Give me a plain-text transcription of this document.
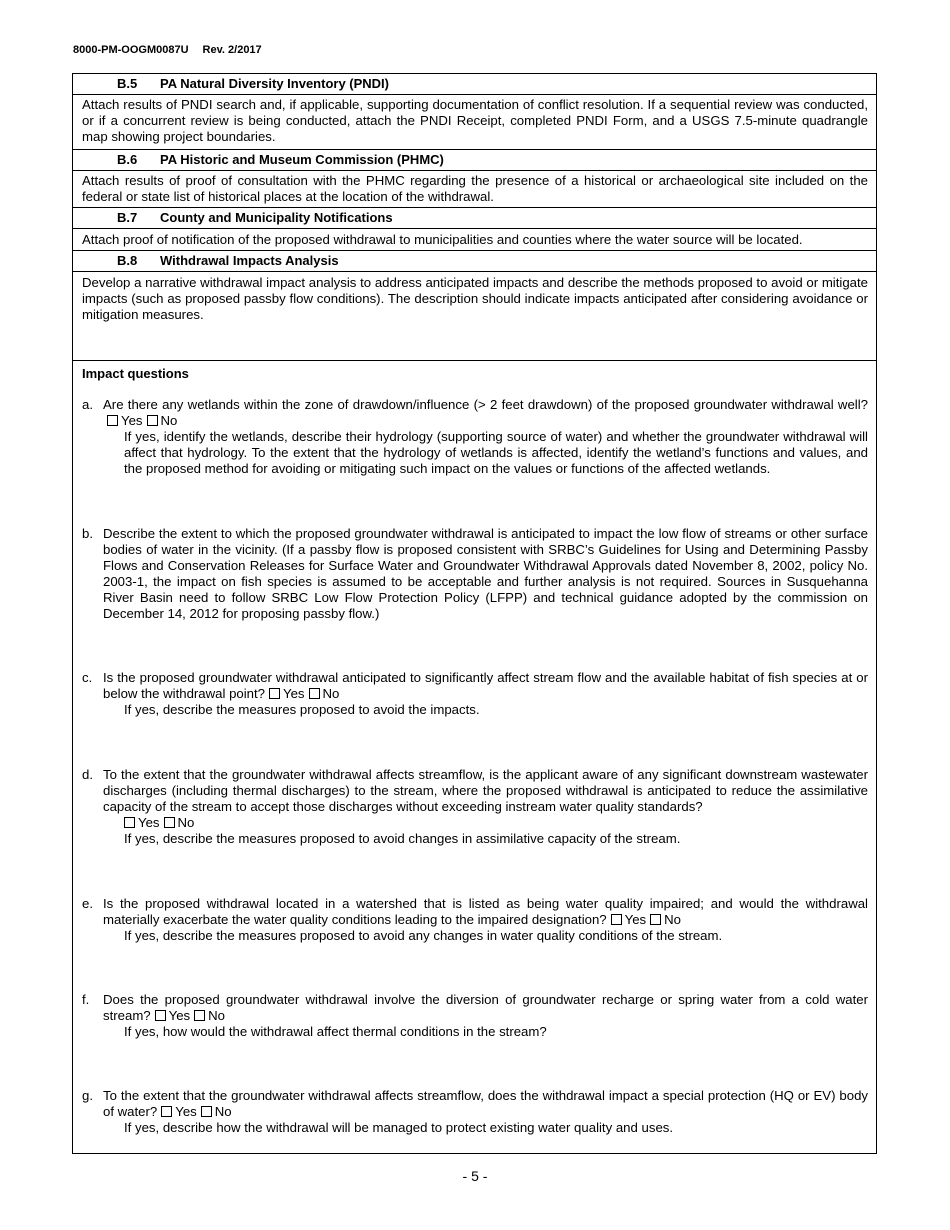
8000-PM-OOGM0087U Rev. 2/2017
B.5 PA Natural Diversity Inventory (PNDI)
Attach results of PNDI search and, if applicable, supporting documentation of conflict resolution. If a sequential review was conducted, or if a concurrent review is being conducted, attach the PNDI Receipt, completed PNDI Form, and a USGS 7.5-minute quadrangle map showing project boundaries.
B.6 PA Historic and Museum Commission (PHMC)
Attach results of proof of consultation with the PHMC regarding the presence of a historical or archaeological site included on the federal or state list of historical places at the location of the withdrawal.
B.7 County and Municipality Notifications
Attach proof of notification of the proposed withdrawal to municipalities and counties where the water source will be located.
B.8 Withdrawal Impacts Analysis
Develop a narrative withdrawal impact analysis to address anticipated impacts and describe the methods proposed to avoid or mitigate impacts (such as proposed passby flow conditions). The description should indicate impacts anticipated after considering avoidance or mitigation measures.
Impact questions
a. Are there any wetlands within the zone of drawdown/influence (> 2 feet drawdown) of the proposed groundwater withdrawal well?Yes No
If yes, identify the wetlands, describe their hydrology (supporting source of water) and whether the groundwater withdrawal will affect that hydrology. To the extent that the hydrology of wetlands is affected, identify the wetland’s functions and values, and the proposed method for avoiding or mitigating such impact on the values or functions of the affected wetlands.
b. Describe the extent to which the proposed groundwater withdrawal is anticipated to impact the low flow of streams or other surface bodies of water in the vicinity. (If a passby flow is proposed consistent with SRBC’s Guidelines for Using and Determining Passby Flows and Conservation Releases for Surface Water and Groundwater Withdrawal Approvals dated November 8, 2002, policy No. 2003-1, the impact on fish species is assumed to be acceptable and further analysis is not required. Sources in Susquehanna River Basin need to follow SRBC Low Flow Protection Policy (LFPP) and technical guidance adopted by the commission on December 14, 2012 for proposing passby flow.)
c. Is the proposed groundwater withdrawal anticipated to significantly affect stream flow and the available habitat of fish species at or below the withdrawal point? Yes No
If yes, describe the measures proposed to avoid the impacts.
d. To the extent that the groundwater withdrawal affects streamflow, is the applicant aware of any significant downstream wastewater discharges (including thermal discharges) to the stream, where the proposed withdrawal is anticipated to reduce the assimilative capacity of the stream to accept those discharges without exceeding instream water quality standards?
Yes No
If yes, describe the measures proposed to avoid changes in assimilative capacity of the stream.
e. Is the proposed withdrawal located in a watershed that is listed as being water quality impaired; and would the withdrawal materially exacerbate the water quality conditions leading to the impaired designation? Yes No
If yes, describe the measures proposed to avoid any changes in water quality conditions of the stream.
f. Does the proposed groundwater withdrawal involve the diversion of groundwater recharge or spring water from a cold water stream? Yes No
If yes, how would the withdrawal affect thermal conditions in the stream?
g. To the extent that the groundwater withdrawal affects streamflow, does the withdrawal impact a special protection (HQ or EV) body of water? Yes No
If yes, describe how the withdrawal will be managed to protect existing water quality and uses.
- 5 -
